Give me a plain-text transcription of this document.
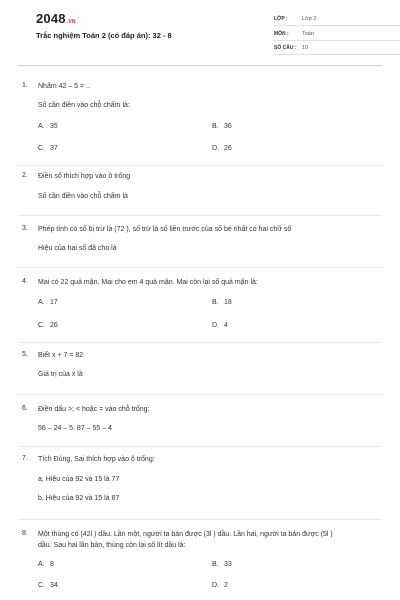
2048.VN
Trắc nghiệm Toán 2 (có đáp án): 32 - 8
LỚP :	Lớp 2
MÔN : Toán
SỐ CÂU : 10
1. Nhẩm 42 – 5 = ..
Số cần điền vào chỗ chấm là:
A. 35	B. 36
C. 37	D. 26
2. Điền số thích hợp vào ô trống
Số cần điền vào chỗ chấm là
3. Phép tính có số bị trừ là (72 ), số trừ là số liền trước của số bé nhất có hai chữ số
Hiệu của hai số đã cho là
4. Mai có 22 quả mận, Mai cho em 4 quả mận. Mai còn lại số quả mận là:
A. 17	B. 18
C. 26	D. 4
5. Biết x + 7 = 82
Giá trị của x là
6. Điền dấu >; < hoặc = vào chỗ trống:
56 – 24 – 5. 87 – 55 – 4
7. Tích Đúng, Sai thích hợp vào ô trống:
a, Hiệu của 92 và 15 là 77
b, Hiệu của 92 và 15 là 87
8. Một thùng có (42l ) dầu. Lần một, người ta bán được (3l ) dầu. Lần hai, người ta bán được (5l )
dầu. Sau hai lần bán, thùng còn lại số lít dầu là:
A. 8	B. 33
C. 34	D. 2
